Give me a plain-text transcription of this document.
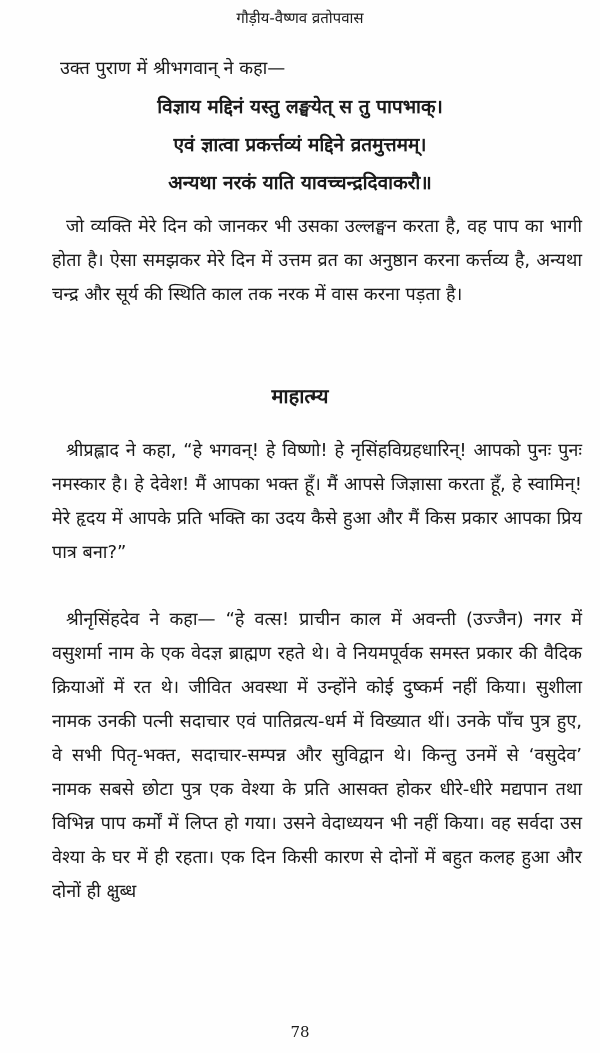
गौड़ीय-वैष्णव व्रतोपवास
उक्त पुराण में श्रीभगवान् ने कहा—
विज्ञाय मद्दिनं यस्तु लङ्घयेत् स तु पापभाक्।
एवं ज्ञात्वा प्रकर्त्तव्यं मद्दिने व्रतमुत्तमम्।
अन्यथा नरकं याति यावच्चन्द्रदिवाकरौ॥
जो व्यक्ति मेरे दिन को जानकर भी उसका उल्लङ्घन करता है, वह पाप का भागी होता है। ऐसा समझकर मेरे दिन में उत्तम व्रत का अनुष्ठान करना कर्त्तव्य है, अन्यथा चन्द्र और सूर्य की स्थिति काल तक नरक में वास करना पड़ता है।
माहात्म्य
श्रीप्रह्लाद ने कहा, “हे भगवन्! हे विष्णो! हे नृसिंहविग्रहधारिन्! आपको पुनः पुनः नमस्कार है। हे देवेश! मैं आपका भक्त हूँ। मैं आपसे जिज्ञासा करता हूँ, हे स्वामिन्! मेरे हृदय में आपके प्रति भक्ति का उदय कैसे हुआ और मैं किस प्रकार आपका प्रिय पात्र बना?”
श्रीनृसिंहदेव ने कहा— “हे वत्स! प्राचीन काल में अवन्ती (उज्जैन) नगर में वसुशर्मा नाम के एक वेदज्ञ ब्राह्मण रहते थे। वे नियमपूर्वक समस्त प्रकार की वैदिक क्रियाओं में रत थे। जीवित अवस्था में उन्होंने कोई दुष्कर्म नहीं किया। सुशीला नामक उनकी पत्नी सदाचार एवं पातिव्रत्य-धर्म में विख्यात थीं। उनके पाँच पुत्र हुए, वे सभी पितृ-भक्त, सदाचार-सम्पन्न और सुविद्वान थे। किन्तु उनमें से ‘वसुदेव’ नामक सबसे छोटा पुत्र एक वेश्या के प्रति आसक्त होकर धीरे-धीरे मद्यपान तथा विभिन्न पाप कर्मों में लिप्त हो गया। उसने वेदाध्ययन भी नहीं किया। वह सर्वदा उस वेश्या के घर में ही रहता। एक दिन किसी कारण से दोनों में बहुत कलह हुआ और दोनों ही क्षुब्ध
78
